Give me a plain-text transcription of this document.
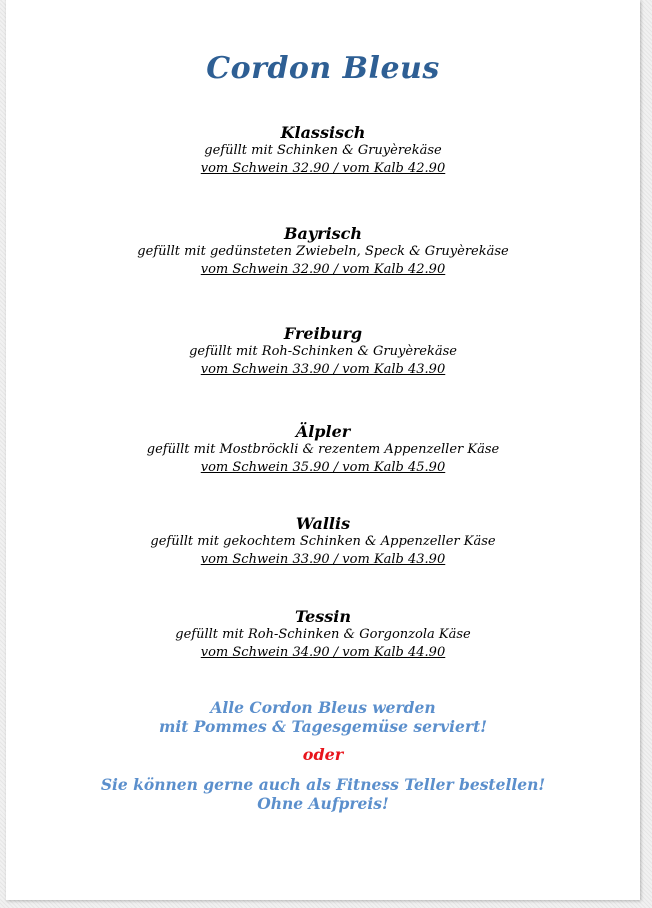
Cordon Bleus
Klassisch
gefüllt mit Schinken & Gruyèrekäse
vom Schwein 32.90 / vom Kalb 42.90
Bayrisch
gefüllt mit gedünsteten Zwiebeln, Speck & Gruyèrekäse
vom Schwein 32.90 / vom Kalb 42.90
Freiburg
gefüllt mit Roh-Schinken & Gruyèrekäse
vom Schwein 33.90 / vom Kalb 43.90
Älpler
gefüllt mit Mostbröckli & rezentem Appenzeller Käse
vom Schwein 35.90 / vom Kalb 45.90
Wallis
gefüllt mit gekochtem Schinken & Appenzeller Käse
vom Schwein 33.90 / vom Kalb 43.90
Tessin
gefüllt mit Roh-Schinken & Gorgonzola Käse
vom Schwein 34.90 / vom Kalb 44.90
Alle Cordon Bleus werden
mit Pommes & Tagesgemüse serviert!
oder
Sie können gerne auch als Fitness Teller bestellen!
Ohne Aufpreis!
